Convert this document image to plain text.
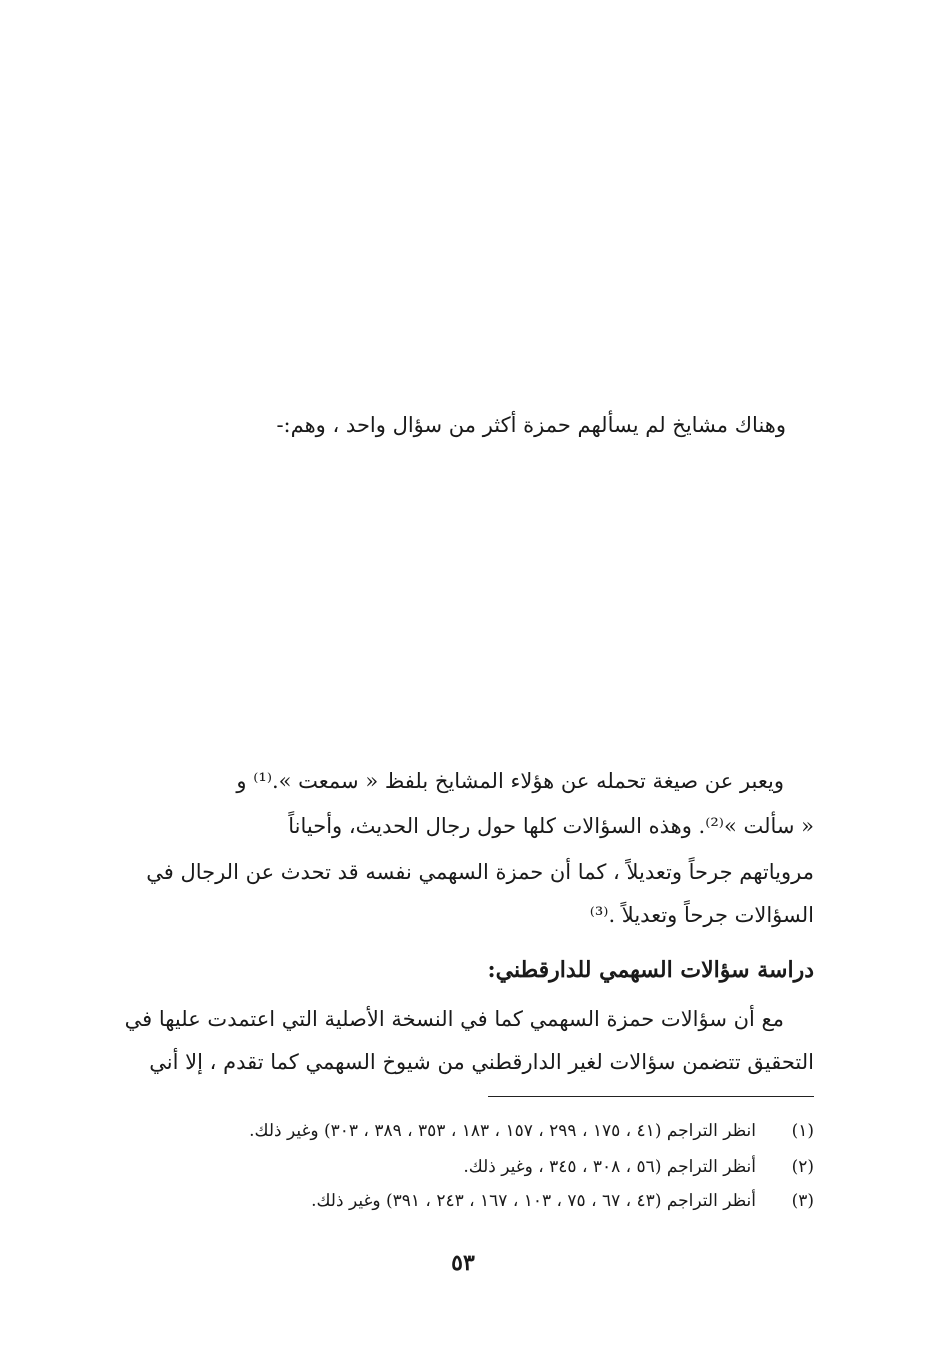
وهناك مشايخ لم يسألهم حمزة أكثر من سؤال واحد ، وهم:-
ويعبر عن صيغة تحمله عن هؤلاء المشايخ بلفظ « سمعت ».⁽¹⁾ و
« سألت »⁽²⁾. وهذه السؤالات كلها حول رجال الحديث، وأحياناً
مروياتهم جرحاً وتعديلاً ، كما أن حمزة السهمي نفسه قد تحدث عن الرجال في
السؤالات جرحاً وتعديلاً .⁽³⁾
دراسة سؤالات السهمي للدارقطني:
مع أن سؤالات حمزة السهمي كما في النسخة الأصلية التي اعتمدت عليها في
التحقيق تتضمن سؤالات لغير الدارقطني من شيوخ السهمي كما تقدم ، إلا أني
(١)
انظر التراجم (٤١ ، ١٧٥ ، ٢٩٩ ، ١٥٧ ، ١٨٣ ، ٣٥٣ ، ٣٨٩ ، ٣٠٣) وغير ذلك.
(٢)
أنظر التراجم (٥٦ ، ٣٠٨ ، ٣٤٥ ، وغير ذلك.
(٣)
أنظر التراجم (٤٣ ، ٦٧ ، ٧٥ ، ١٠٣ ، ١٦٧ ، ٢٤٣ ، ٣٩١) وغير ذلك.
٥٣
